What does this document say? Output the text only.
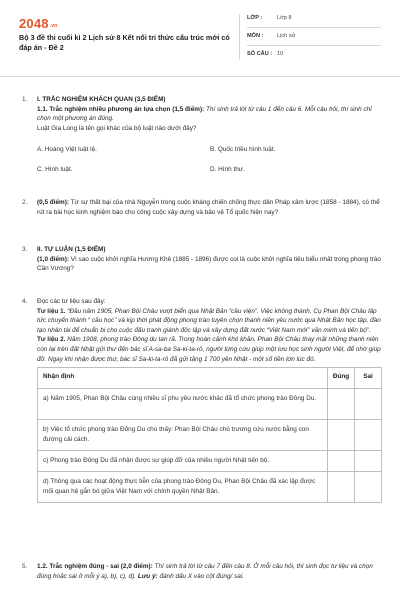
$2048^{.vn}$
Bộ 3 đề thi cuối kì 2 Lịch sử 8 Kết nối tri thức cấu trúc mới có đáp án - Đề 2
LỚP :	Lớp 8
MÔN :	Lịch sử
SỐ CÂU : 10
1.	I. TRẮC NGHIỆM KHÁCH QUAN (3,5 ĐIỂM)
1.1. Trắc nghiệm nhiều phương án lựa chọn (1,5 điểm): Thí sinh trả lời từ câu 1 đến câu 6. Mỗi câu hỏi, thí sinh chỉ chọn một phương án đúng.
Luật Gia Long là tên gọi khác của bộ luật nào dưới đây?
A. Hoàng Việt luật lệ.	B. Quốc triều hình luật.
C. Hình luật.	D. Hình thư.
2.	(0,5 điểm): Từ sự thất bại của nhà Nguyễn trong cuộc kháng chiến chống thực dân Pháp xâm lược (1858 - 1884), có thể rút ra bài học kinh nghiệm bào cho công cuộc xây dựng và bảo vệ Tổ quốc hiện nay?
3.	II. TỰ LUẬN (1,5 ĐIỂM)
(1,0 điểm): Vì sao cuộc khởi nghĩa Hương Khê (1885 - 1896) được coi là cuộc khởi nghĩa tiêu biểu nhất trong phong trào Cần Vương?
4.	Đọc các tư liệu sau đây:
Tư liệu 1. “Đầu năm 1905, Phan Bội Châu vượt biển qua Nhật Bản “cầu viện”. Việc không thành, Cụ Phan Bội Châu lập tức chuyển thành “ cầu học” và kịp thời phát động phong trào tuyên chọn thanh niên yêu nước qua Nhật Bản học tập, đào tạo nhân tài để chuẩn bị cho cuộc đấu tranh giành độc lập và xây dựng đất nước “Việt Nam mới” văn minh và tiến bộ”.
Tư liệu 2. Năm 1908, phong trào Đông du tan rã. Trong hoàn cảnh khó khăn, Phan Bội Châu thay mặt những thanh niên còn lại trên đất Nhật gửi thư đến bác sĩ A-sa-ba Sa-ki-ta-rô, người từng cứu giúp một lưu học sinh người Việt, để nhờ giúp đỡ. Ngay khi nhận được thư, bác sĩ Sa-ki-ta-rô đã gửi tặng 1 700 yên Nhật - một số tiền lớn lúc đó.
Nhận định	Đúng	Sai
a) Năm 1905, Phan Bội Châu cùng nhiều sĩ phu yêu nước khác đã tổ chức phong trào Đông Du.		
b) Việc tổ chức phong trào Đông Du cho thấy: Phan Bội Châu chủ trương cứu nước bằng con đường cải cách.		
c) Phong trào Đông Du đã nhận được sự giúp đỡ của nhiều người Nhật tiến bộ.		
d) Thông qua các hoạt động thực tiễn của phong trào Đông Du, Phan Bội Châu đã xác lập được mối quan hệ gắn bó giữa Việt Nam với chính quyền Nhật Bản.		
5.	1.2. Trắc nghiệm đúng - sai (2,0 điểm): Thí sinh trả lời từ câu 7 đến câu 8. Ở mỗi câu hỏi, thí sinh đọc tư liệu và chọn đúng hoặc sai ở mỗi ý a), b), c), d). Lưu ý: đánh dấu X vào cột đúng/ sai.
